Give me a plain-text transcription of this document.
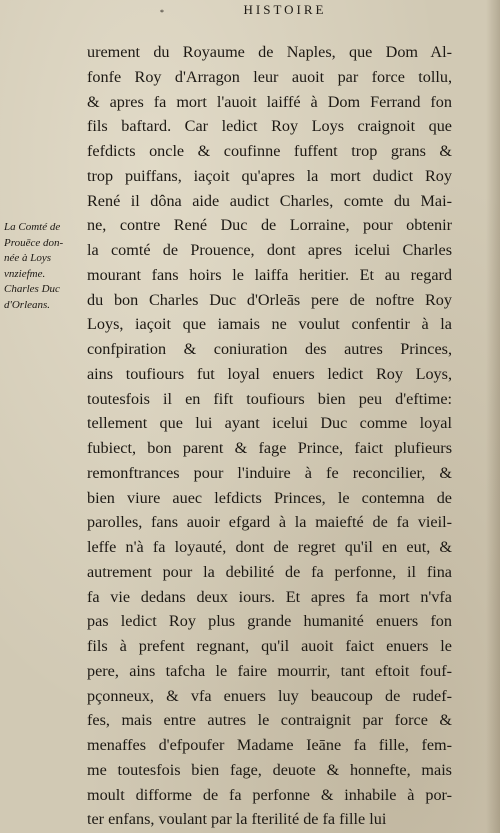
HISTOIRE
*
La Comté de
Prouēce don-
née à Loys
vnziefme.
Charles Duc
d'Orleans.
urement du Royaume de Naples, que Dom Al-
fonfe Roy d'Arragon leur auoit par force tollu,
& apres fa mort l'auoit laiffé à Dom Ferrand fon
fils baftard. Car ledict Roy Loys craignoit que
fefdicts oncle & coufinne fuffent trop grans &
trop puiffans, iaçoit qu'apres la mort dudict Roy
René il dôna aide audict Charles, comte du Mai-
ne, contre René Duc de Lorraine, pour obtenir
la comté de Prouence, dont apres icelui Charles
mourant fans hoirs le laiffa heritier. Et au regard
du bon Charles Duc d'Orleās pere de noftre Roy
Loys, iaçoit que iamais ne voulut confentir à la
confpiration & coniuration des autres Princes,
ains toufiours fut loyal enuers ledict Roy Loys,
toutesfois il en fift toufiours bien peu d'eftime:
tellement que lui ayant icelui Duc comme loyal
fubiect, bon parent & fage Prince, faict plufieurs
remonftrances pour l'induire à fe reconcilier, &
bien viure auec lefdicts Princes, le contemna de
parolles, fans auoir efgard à la maiefté de fa vieil-
leffe n'à fa loyauté, dont de regret qu'il en eut, &
autrement pour la debilité de fa perfonne, il fina
fa vie dedans deux iours. Et apres fa mort n'vfa
pas ledict Roy plus grande humanité enuers fon
fils à prefent regnant, qu'il auoit faict enuers le
pere, ains tafcha le faire mourrir, tant eftoit fouf-
pçonneux, & vfa enuers luy beaucoup de rudef-
fes, mais entre autres le contraignit par force &
menaffes d'efpoufer Madame Ieāne fa fille, fem-
me toutesfois bien fage, deuote & honnefte, mais
moult difforme de fa perfonne & inhabile à por-
ter enfans, voulant par la fterilité de fa fille lui
